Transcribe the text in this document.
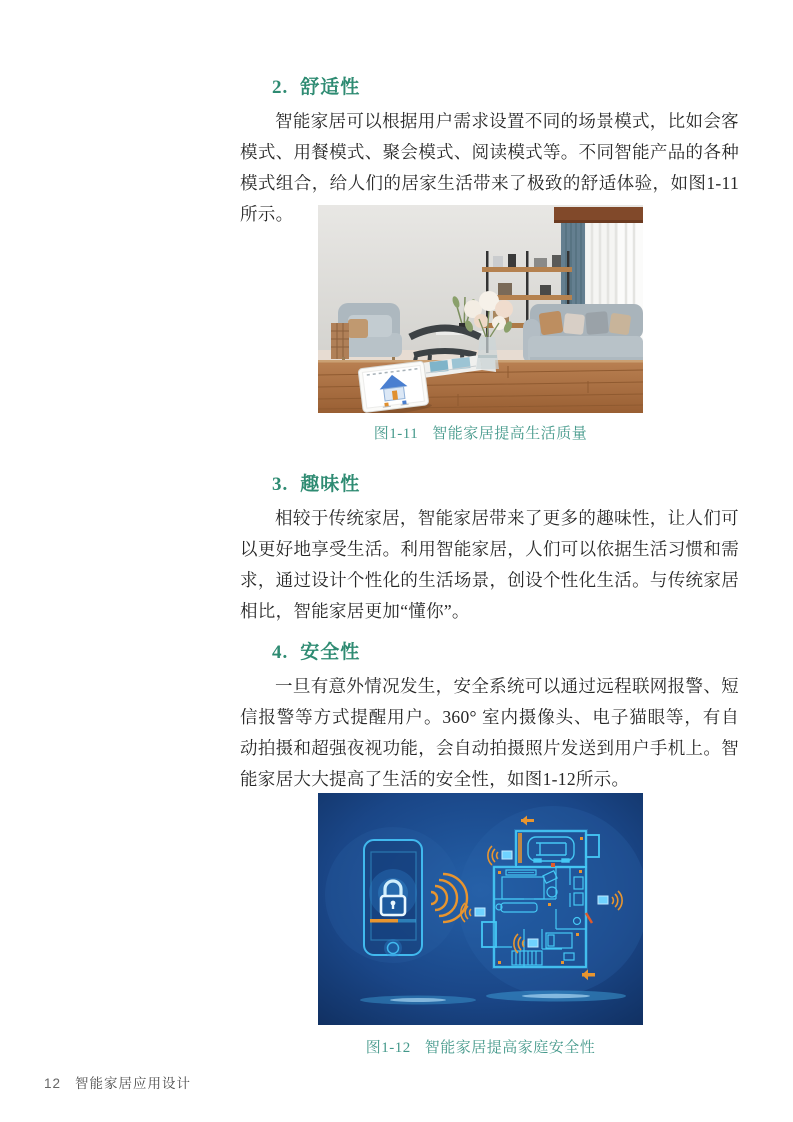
2. 舒适性
智能家居可以根据用户需求设置不同的场景模式，比如会客模式、用餐模式、聚会模式、阅读模式等。不同智能产品的各种模式组合，给人们的居家生活带来了极致的舒适体验，如图1-11所示。
图1-11 智能家居提高生活质量
3. 趣味性
相较于传统家居，智能家居带来了更多的趣味性，让人们可以更好地享受生活。利用智能家居，人们可以依据生活习惯和需求，通过设计个性化的生活场景，创设个性化生活。与传统家居相比，智能家居更加“懂你”。
4. 安全性
一旦有意外情况发生，安全系统可以通过远程联网报警、短信报警等方式提醒用户。360° 室内摄像头、电子猫眼等，有自动拍摄和超强夜视功能，会自动拍摄照片发送到用户手机上。智能家居大大提高了生活的安全性，如图1-12所示。
图1-12 智能家居提高家庭安全性
12 智能家居应用设计
